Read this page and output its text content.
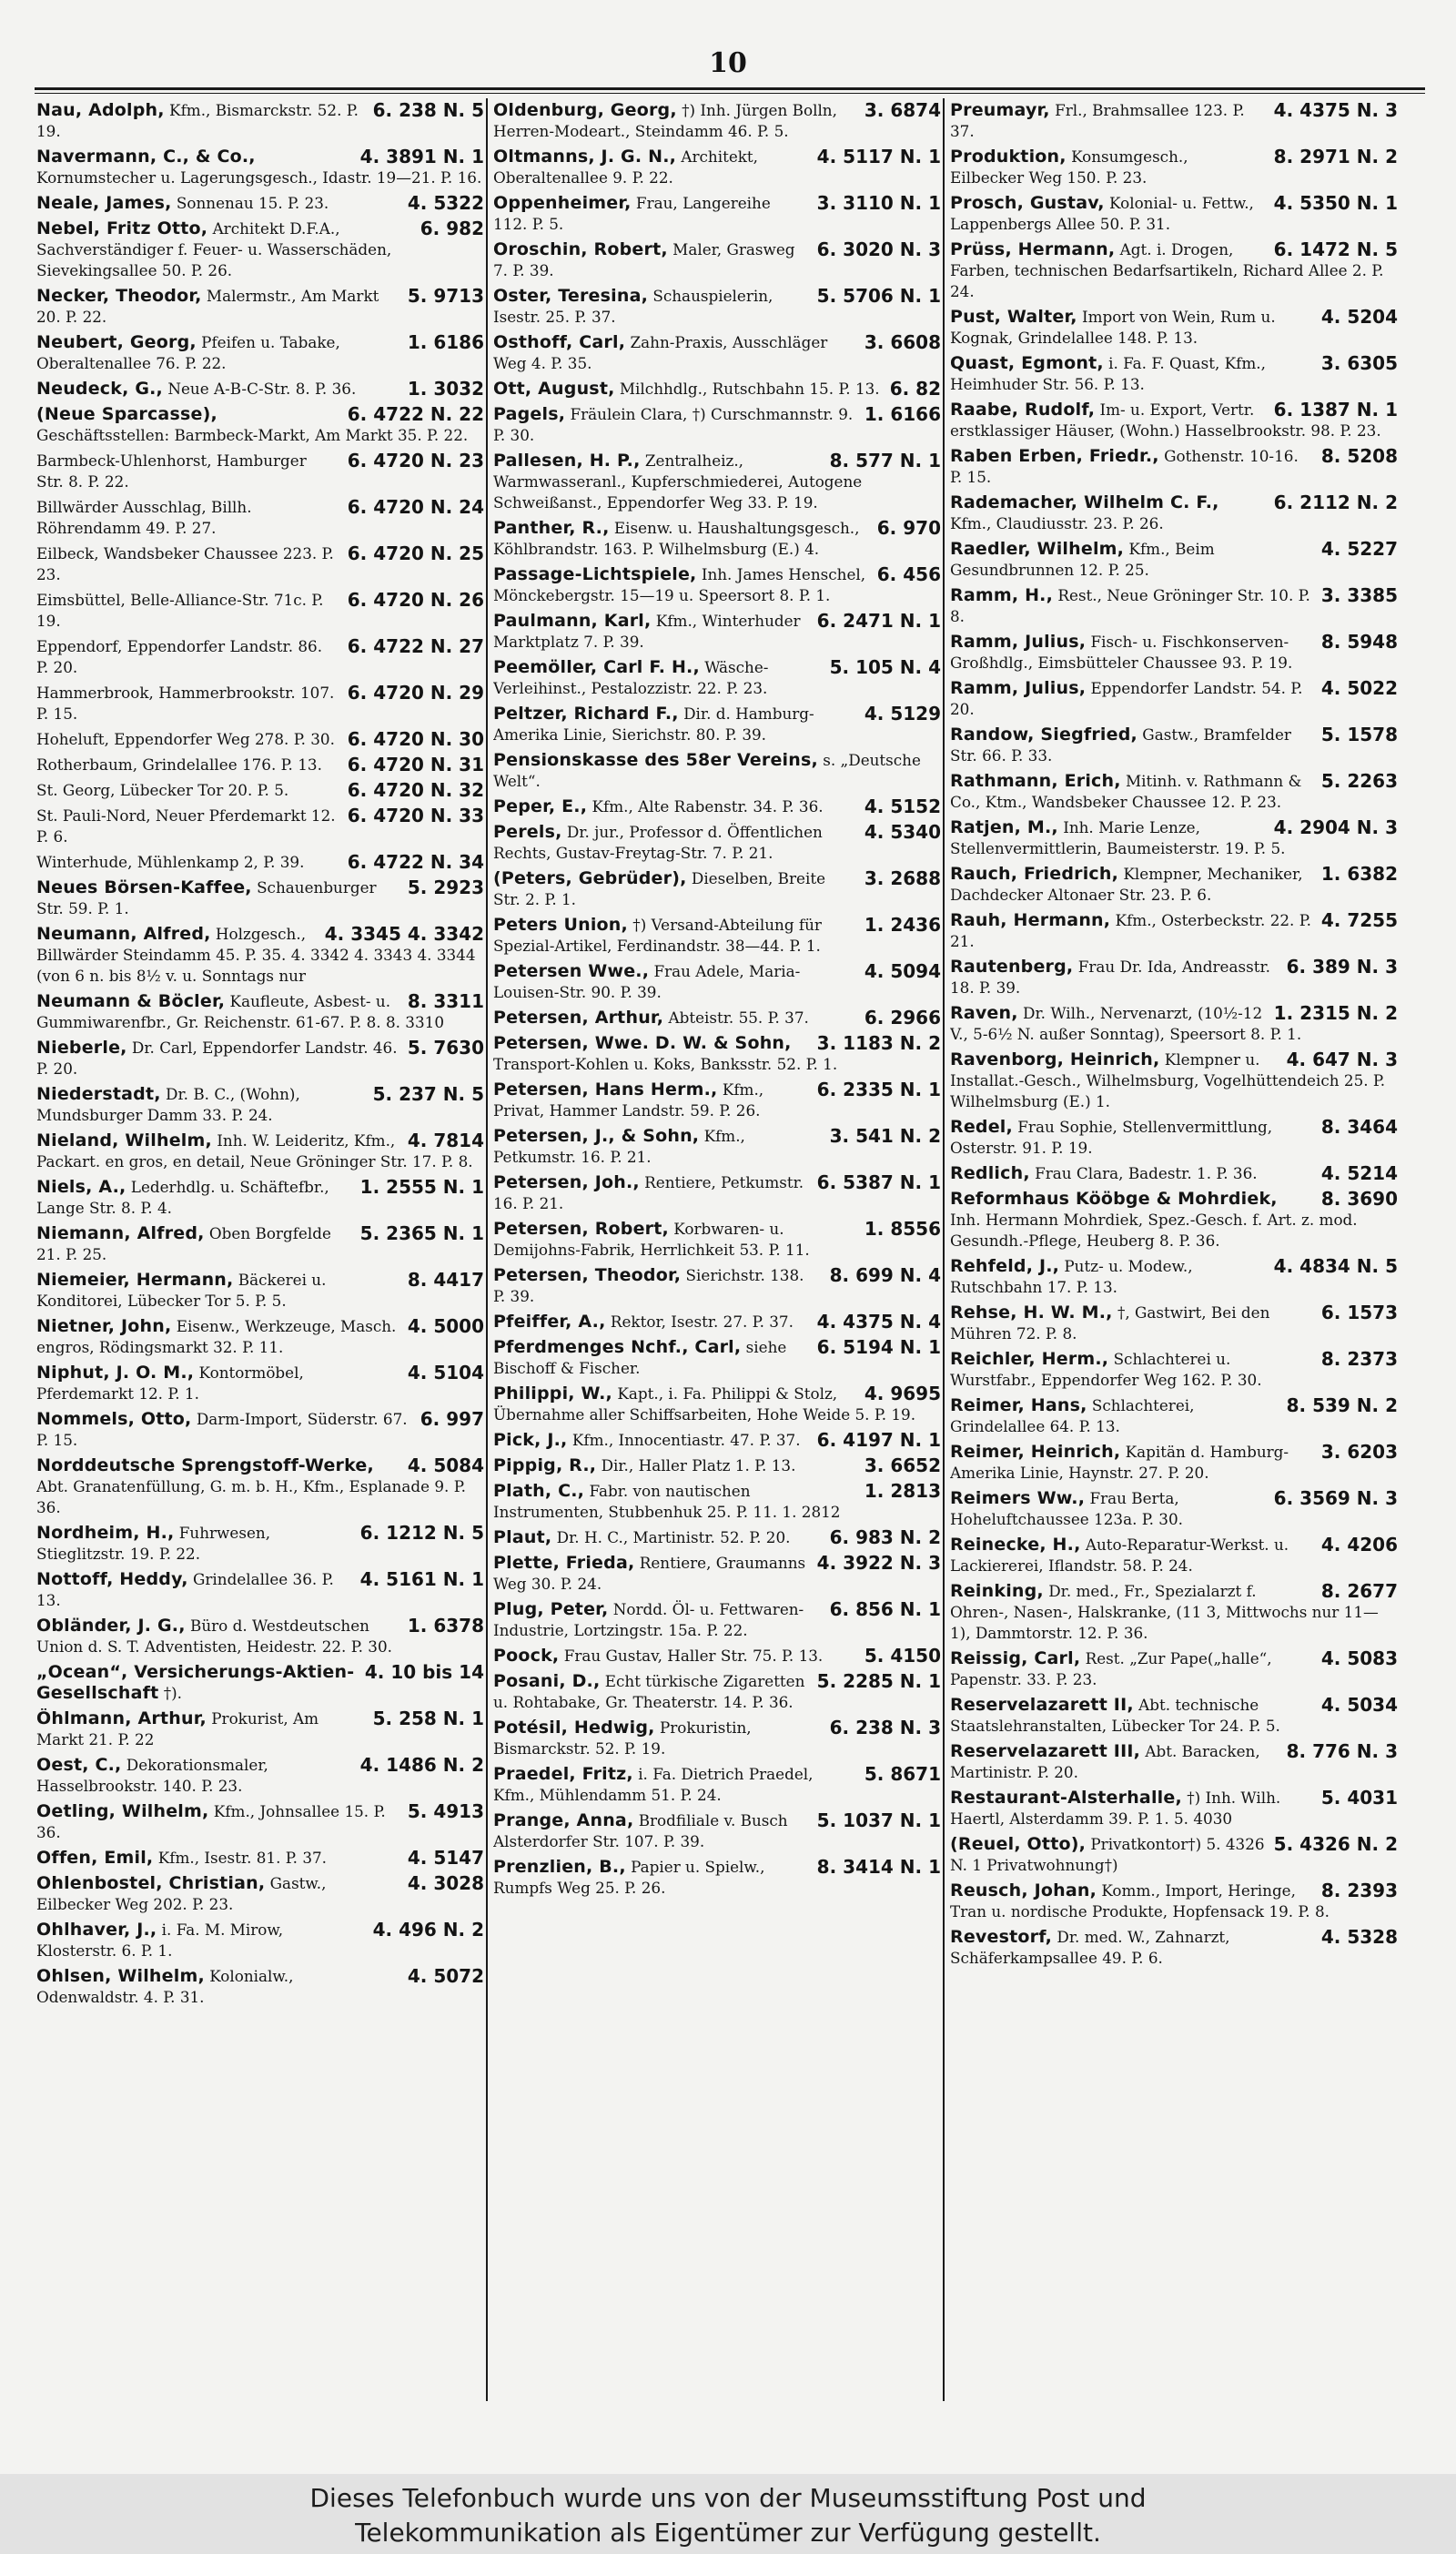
10

6. 238 N. 5
Nau, Adolph, Kfm., Bismarckstr. 52. P. 19.

4. 3891 N. 1
Navermann, C., & Co., Kornumstecher u. Lagerungsgesch., Idastr. 19—21. P. 16.

4. 5322
Neale, James, Sonnenau 15. P. 23.

6. 982
Nebel, Fritz Otto, Architekt D.F.A., Sachverständiger f. Feuer- u. Wasserschäden, Sievekingsallee 50. P. 26.

5. 9713
Necker, Theodor, Malermstr., Am Markt 20. P. 22.

1. 6186
Neubert, Georg, Pfeifen u. Tabake, Oberaltenallee 76. P. 22.

1. 3032
Neudeck, G., Neue A-B-C-Str. 8. P. 36.

6. 4722 N. 22
(Neue Sparcasse), Geschäftsstellen: Barmbeck-Markt, Am Markt 35. P. 22.

6. 4720 N. 23
Barmbeck-Uhlenhorst, Hamburger Str. 8. P. 22.

6. 4720 N. 24
Billwärder Ausschlag, Billh. Röhrendamm 49. P. 27.

6. 4720 N. 25
Eilbeck, Wandsbeker Chaussee 223. P. 23.

6. 4720 N. 26
Eimsbüttel, Belle-Alliance-Str. 71c. P. 19.

6. 4722 N. 27
Eppendorf, Eppendorfer Landstr. 86. P. 20.

6. 4720 N. 29
Hammerbrook, Hammerbrookstr. 107. P. 15.

6. 4720 N. 30
Hoheluft, Eppendorfer Weg 278. P. 30.

6. 4720 N. 31
Rotherbaum, Grindelallee 176. P. 13.

6. 4720 N. 32
St. Georg, Lübecker Tor 20. P. 5.

6. 4720 N. 33
St. Pauli-Nord, Neuer Pferdemarkt 12. P. 6.

6. 4722 N. 34
Winterhude, Mühlenkamp 2, P. 39.

5. 2923
Neues Börsen-Kaffee, Schauenburger Str. 59. P. 1.

4. 3345 4. 3342
Neumann, Alfred, Holzgesch., Billwärder Steindamm 45. P. 35. 4. 3342 4. 3343 4. 3344 (von 6 n. bis 8½ v. u. Sonntags nur

8. 3311
Neumann & Böcler, Kaufleute, Asbest- u. Gummiwarenfbr., Gr. Reichenstr. 61-67. P. 8. 8. 3310

5. 7630
Nieberle, Dr. Carl, Eppendorfer Landstr. 46. P. 20.

5. 237 N. 5
Niederstadt, Dr. B. C., (Wohn), Mundsburger Damm 33. P. 24.

4. 7814
Nieland, Wilhelm, Inh. W. Leideritz, Kfm., Packart. en gros, en detail, Neue Gröninger Str. 17. P. 8.

1. 2555 N. 1
Niels, A., Lederhdlg. u. Schäftefbr., Lange Str. 8. P. 4.

5. 2365 N. 1
Niemann, Alfred, Oben Borgfelde 21. P. 25.

8. 4417
Niemeier, Hermann, Bäckerei u. Konditorei, Lübecker Tor 5. P. 5.

4. 5000
Nietner, John, Eisenw., Werkzeuge, Masch. engros, Rödingsmarkt 32. P. 11.

4. 5104
Niphut, J. O. M., Kontormöbel, Pferdemarkt 12. P. 1.

6. 997
Nommels, Otto, Darm-Import, Süderstr. 67. P. 15.

4. 5084
Norddeutsche Sprengstoff-Werke, Abt. Granatenfüllung, G. m. b. H., Kfm., Esplanade 9. P. 36.

6. 1212 N. 5
Nordheim, H., Fuhrwesen, Stieglitzstr. 19. P. 22.

4. 5161 N. 1
Nottoff, Heddy, Grindelallee 36. P. 13.

1. 6378
Obländer, J. G., Büro d. Westdeutschen Union d. S. T. Adventisten, Heidestr. 22. P. 30.

4. 10 bis 14
„Ocean“, Versicherungs-Aktien-Gesellschaft †).

5. 258 N. 1
Öhlmann, Arthur, Prokurist, Am Markt 21. P. 22

4. 1486 N. 2
Oest, C., Dekorationsmaler, Hasselbrookstr. 140. P. 23.

5. 4913
Oetling, Wilhelm, Kfm., Johnsallee 15. P. 36.

4. 5147
Offen, Emil, Kfm., Isestr. 81. P. 37.

4. 3028
Ohlenbostel, Christian, Gastw., Eilbecker Weg 202. P. 23.

4. 496 N. 2
Ohlhaver, J., i. Fa. M. Mirow, Klosterstr. 6. P. 1.

4. 5072
Ohlsen, Wilhelm, Kolonialw., Odenwaldstr. 4. P. 31.

3. 6874
Oldenburg, Georg, †) Inh. Jürgen Bolln, Herren-Modeart., Steindamm 46. P. 5.

4. 5117 N. 1
Oltmanns, J. G. N., Architekt, Oberaltenallee 9. P. 22.

3. 3110 N. 1
Oppenheimer, Frau, Langereihe 112. P. 5.

6. 3020 N. 3
Oroschin, Robert, Maler, Grasweg 7. P. 39.

5. 5706 N. 1
Oster, Teresina, Schauspielerin, Isestr. 25. P. 37.

3. 6608
Osthoff, Carl, Zahn-Praxis, Ausschläger Weg 4. P. 35.

6. 82
Ott, August, Milchhdlg., Rutschbahn 15. P. 13.

1. 6166
Pagels, Fräulein Clara, †) Curschmannstr. 9. P. 30.

8. 577 N. 1
Pallesen, H. P., Zentralheiz., Warmwasseranl., Kupferschmiederei, Autogene Schweißanst., Eppendorfer Weg 33. P. 19.

6. 970
Panther, R., Eisenw. u. Haushaltungsgesch., Köhlbrandstr. 163. P. Wilhelmsburg (E.) 4.

6. 456
Passage-Lichtspiele, Inh. James Henschel, Mönckebergstr. 15—19 u. Speersort 8. P. 1.

6. 2471 N. 1
Paulmann, Karl, Kfm., Winterhuder Marktplatz 7. P. 39.

5. 105 N. 4
Peemöller, Carl F. H., Wäsche-Verleihinst., Pestalozzistr. 22. P. 23.

4. 5129
Peltzer, Richard F., Dir. d. Hamburg-Amerika Linie, Sierichstr. 80. P. 39.

Pensionskasse des 58er Vereins, s. „Deutsche Welt“.

4. 5152
Peper, E., Kfm., Alte Rabenstr. 34. P. 36.

4. 5340
Perels, Dr. jur., Professor d. Öffentlichen Rechts, Gustav-Freytag-Str. 7. P. 21.

3. 2688
(Peters, Gebrüder), Dieselben, Breite Str. 2. P. 1.

1. 2436
Peters Union, †) Versand-Abteilung für Spezial-Artikel, Ferdinandstr. 38—44. P. 1.

4. 5094
Petersen Wwe., Frau Adele, Maria-Louisen-Str. 90. P. 39.

6. 2966
Petersen, Arthur, Abteistr. 55. P. 37.

3. 1183 N. 2
Petersen, Wwe. D. W. & Sohn, Transport-Kohlen u. Koks, Banksstr. 52. P. 1.

6. 2335 N. 1
Petersen, Hans Herm., Kfm., Privat, Hammer Landstr. 59. P. 26.

3. 541 N. 2
Petersen, J., & Sohn, Kfm., Petkumstr. 16. P. 21.

6. 5387 N. 1
Petersen, Joh., Rentiere, Petkumstr. 16. P. 21.

1. 8556
Petersen, Robert, Korbwaren- u. Demijohns-Fabrik, Herrlichkeit 53. P. 11.

8. 699 N. 4
Petersen, Theodor, Sierichstr. 138. P. 39.

4. 4375 N. 4
Pfeiffer, A., Rektor, Isestr. 27. P. 37.

6. 5194 N. 1
Pferdmenges Nchf., Carl, siehe Bischoff & Fischer.

4. 9695
Philippi, W., Kapt., i. Fa. Philippi & Stolz, Übernahme aller Schiffsarbeiten, Hohe Weide 5. P. 19.

6. 4197 N. 1
Pick, J., Kfm., Innocentiastr. 47. P. 37.

3. 6652
Pippig, R., Dir., Haller Platz 1. P. 13.

1. 2813
Plath, C., Fabr. von nautischen Instrumenten, Stubbenhuk 25. P. 11. 1. 2812

6. 983 N. 2
Plaut, Dr. H. C., Martinistr. 52. P. 20.

4. 3922 N. 3
Plette, Frieda, Rentiere, Graumanns Weg 30. P. 24.

6. 856 N. 1
Plug, Peter, Nordd. Öl- u. Fettwaren-Industrie, Lortzingstr. 15a. P. 22.

5. 4150
Poock, Frau Gustav, Haller Str. 75. P. 13.

5. 2285 N. 1
Posani, D., Echt türkische Zigaretten u. Rohtabake, Gr. Theaterstr. 14. P. 36.

6. 238 N. 3
Potésil, Hedwig, Prokuristin, Bismarckstr. 52. P. 19.

5. 8671
Praedel, Fritz, i. Fa. Dietrich Praedel, Kfm., Mühlendamm 51. P. 24.

5. 1037 N. 1
Prange, Anna, Brodfiliale v. Busch Alsterdorfer Str. 107. P. 39.

8. 3414 N. 1
Prenzlien, B., Papier u. Spielw., Rumpfs Weg 25. P. 26.

4. 4375 N. 3
Preumayr, Frl., Brahmsallee 123. P. 37.

8. 2971 N. 2
Produktion, Konsumgesch., Eilbecker Weg 150. P. 23.

4. 5350 N. 1
Prosch, Gustav, Kolonial- u. Fettw., Lappenbergs Allee 50. P. 31.

6. 1472 N. 5
Prüss, Hermann, Agt. i. Drogen, Farben, technischen Bedarfsartikeln, Richard Allee 2. P. 24.

4. 5204
Pust, Walter, Import von Wein, Rum u. Kognak, Grindelallee 148. P. 13.

3. 6305
Quast, Egmont, i. Fa. F. Quast, Kfm., Heimhuder Str. 56. P. 13.

6. 1387 N. 1
Raabe, Rudolf, Im- u. Export, Vertr. erstklassiger Häuser, (Wohn.) Hasselbrookstr. 98. P. 23.

8. 5208
Raben Erben, Friedr., Gothenstr. 10-16. P. 15.

6. 2112 N. 2
Rademacher, Wilhelm C. F., Kfm., Claudiusstr. 23. P. 26.

4. 5227
Raedler, Wilhelm, Kfm., Beim Gesundbrunnen 12. P. 25.

3. 3385
Ramm, H., Rest., Neue Gröninger Str. 10. P. 8.

8. 5948
Ramm, Julius, Fisch- u. Fischkonserven-Großhdlg., Eimsbütteler Chaussee 93. P. 19.

4. 5022
Ramm, Julius, Eppendorfer Landstr. 54. P. 20.

5. 1578
Randow, Siegfried, Gastw., Bramfelder Str. 66. P. 33.

5. 2263
Rathmann, Erich, Mitinh. v. Rathmann & Co., Ktm., Wandsbeker Chaussee 12. P. 23.

4. 2904 N. 3
Ratjen, M., Inh. Marie Lenze, Stellenvermittlerin, Baumeisterstr. 19. P. 5.

1. 6382
Rauch, Friedrich, Klempner, Mechaniker, Dachdecker Altonaer Str. 23. P. 6.

4. 7255
Rauh, Hermann, Kfm., Osterbeckstr. 22. P. 21.

6. 389 N. 3
Rautenberg, Frau Dr. Ida, Andreasstr. 18. P. 39.

1. 2315 N. 2
Raven, Dr. Wilh., Nervenarzt, (10½-12 V., 5-6½ N. außer Sonntag), Speersort 8. P. 1.

4. 647 N. 3
Ravenborg, Heinrich, Klempner u. Installat.-Gesch., Wilhelmsburg, Vogelhüttendeich 25. P. Wilhelmsburg (E.) 1.

8. 3464
Redel, Frau Sophie, Stellenvermittlung, Osterstr. 91. P. 19.

4. 5214
Redlich, Frau Clara, Badestr. 1. P. 36.

8. 3690
Reformhaus Kööbge & Mohrdiek, Inh. Hermann Mohrdiek, Spez.-Gesch. f. Art. z. mod. Gesundh.-Pflege, Heuberg 8. P. 36.

4. 4834 N. 5
Rehfeld, J., Putz- u. Modew., Rutschbahn 17. P. 13.

6. 1573
Rehse, H. W. M., †, Gastwirt, Bei den Mühren 72. P. 8.

8. 2373
Reichler, Herm., Schlachterei u. Wurstfabr., Eppendorfer Weg 162. P. 30.

8. 539 N. 2
Reimer, Hans, Schlachterei, Grindelallee 64. P. 13.

3. 6203
Reimer, Heinrich, Kapitän d. Hamburg-Amerika Linie, Haynstr. 27. P. 20.

6. 3569 N. 3
Reimers Ww., Frau Berta, Hoheluftchaussee 123a. P. 30.

4. 4206
Reinecke, H., Auto-Reparatur-Werkst. u. Lackiererei, Iflandstr. 58. P. 24.

8. 2677
Reinking, Dr. med., Fr., Spezialarzt f. Ohren-, Nasen-, Halskranke, (11 3, Mittwochs nur 11—1), Dammtorstr. 12. P. 36.

4. 5083
Reissig, Carl, Rest. „Zur Pape(„halle“, Papenstr. 33. P. 23.

4. 5034
Reservelazarett II, Abt. technische Staatslehranstalten, Lübecker Tor 24. P. 5.

8. 776 N. 3
Reservelazarett III, Abt. Baracken, Martinistr. P. 20.

5. 4031
Restaurant-Alsterhalle, †) Inh. Wilh. Haertl, Alsterdamm 39. P. 1. 5. 4030

5. 4326 N. 2
(Reuel, Otto), Privatkontor†) 5. 4326 N. 1 Privatwohnung†)

8. 2393
Reusch, Johan, Komm., Import, Heringe, Tran u. nordische Produkte, Hopfensack 19. P. 8.

4. 5328
Revestorf, Dr. med. W., Zahnarzt, Schäferkampsallee 49. P. 6.

Dieses Telefonbuch wurde uns von der Museumsstiftung Post und
Telekommunikation als Eigentümer zur Verfügung gestellt.
